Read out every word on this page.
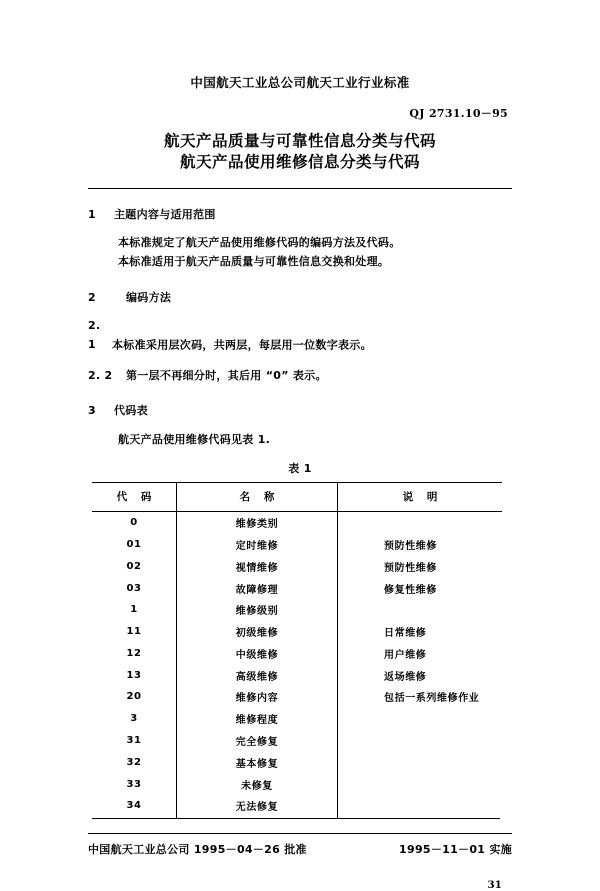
中国航天工业总公司航天工业行业标准
QJ 2731.10－95
航天产品质量与可靠性信息分类与代码
航天产品使用维修信息分类与代码
1 主题内容与适用范围
本标准规定了航天产品使用维修代码的编码方法及代码。
本标准适用于航天产品质量与可靠性信息交换和处理。
2	编码方法
2. 1 本标准采用层次码，共两层，每层用一位数字表示。
2. 2 第一层不再细分时，其后用 “0” 表示。
3 代码表
航天产品使用维修代码见表 1.
表 1
代 码	名 称	说 明
0	维修类别	
01	定时维修	预防性维修
02	视情维修	预防性维修
03	故障修理	修复性维修
1	维修级别	
11	初级维修	日常维修
12	中级维修	用户维修
13	高级维修	返场维修
20	维修内容	包括一系列维修作业
3	维修程度	
31	完全修复	
32	基本修复	
33	未修复	
34	无法修复	
中国航天工业总公司 1995－04－26 批准	1995－11－01 实施
31
